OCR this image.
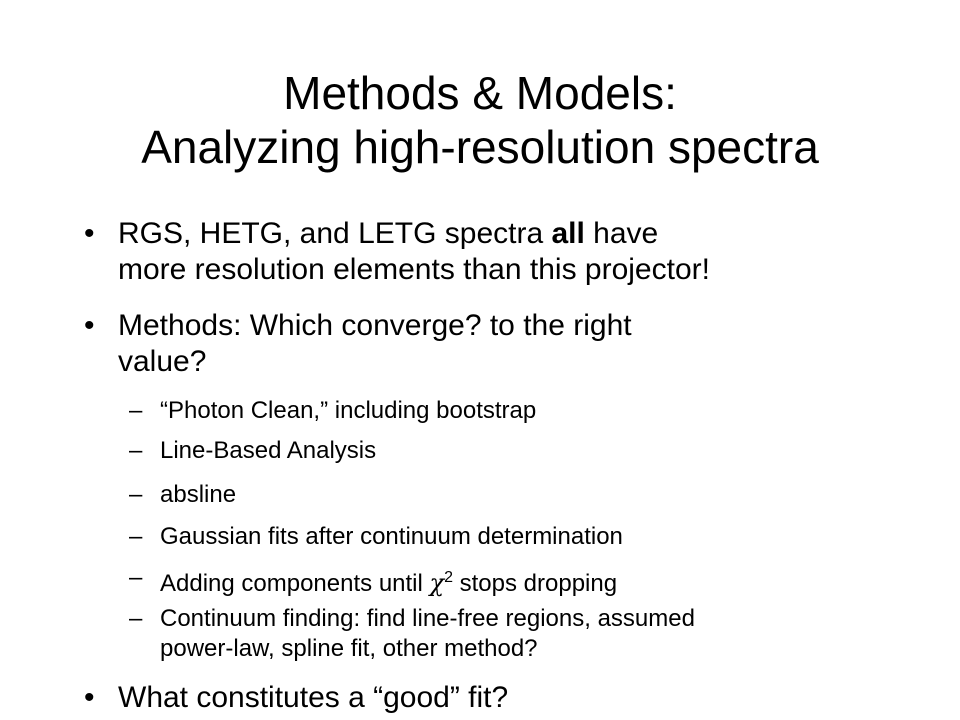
Methods & Models:
Analyzing high-resolution spectra
• RGS, HETG, and LETG spectra all have
more resolution elements than this projector!
• Methods: Which converge? to the right
value?
– “Photon Clean,” including bootstrap
– Line-Based Analysis
– absline
– Gaussian fits after continuum determination
– Adding components until $\chi^2$ stops dropping
– Continuum finding: find line-free regions, assumed
power-law, spline fit, other method?
• What constitutes a “good” fit?
